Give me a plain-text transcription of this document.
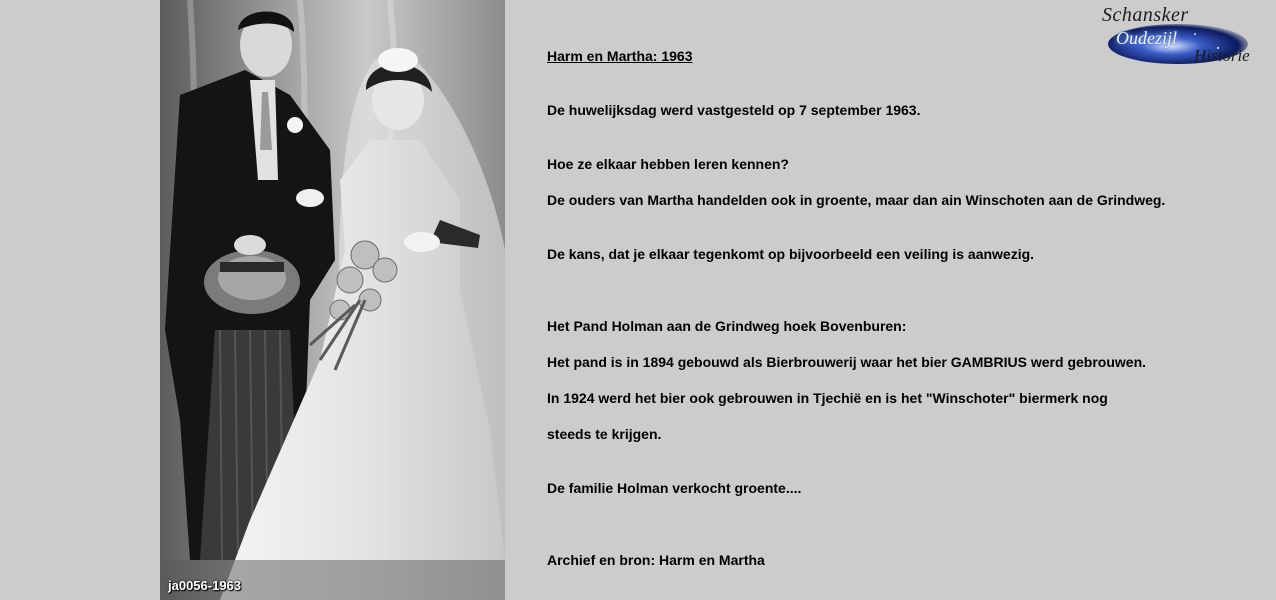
ja0056-1963
Schansker
Oudezijl
Historie
Harm en Martha: 1963
De huwelijksdag werd vastgesteld op 7 september 1963.
Hoe ze elkaar hebben leren kennen?
De ouders van Martha handelden ook in groente, maar dan ain Winschoten aan de Grindweg.
De kans, dat je elkaar tegenkomt op bijvoorbeeld een veiling is aanwezig.
Het Pand Holman aan de Grindweg hoek Bovenburen:
Het pand is in 1894 gebouwd als Bierbrouwerij waar het bier GAMBRIUS werd gebrouwen.
In 1924 werd het bier ook gebrouwen in Tjechië en is het "Winschoter" biermerk nog
steeds te krijgen.
De familie Holman verkocht groente....
Archief en bron: Harm en Martha
